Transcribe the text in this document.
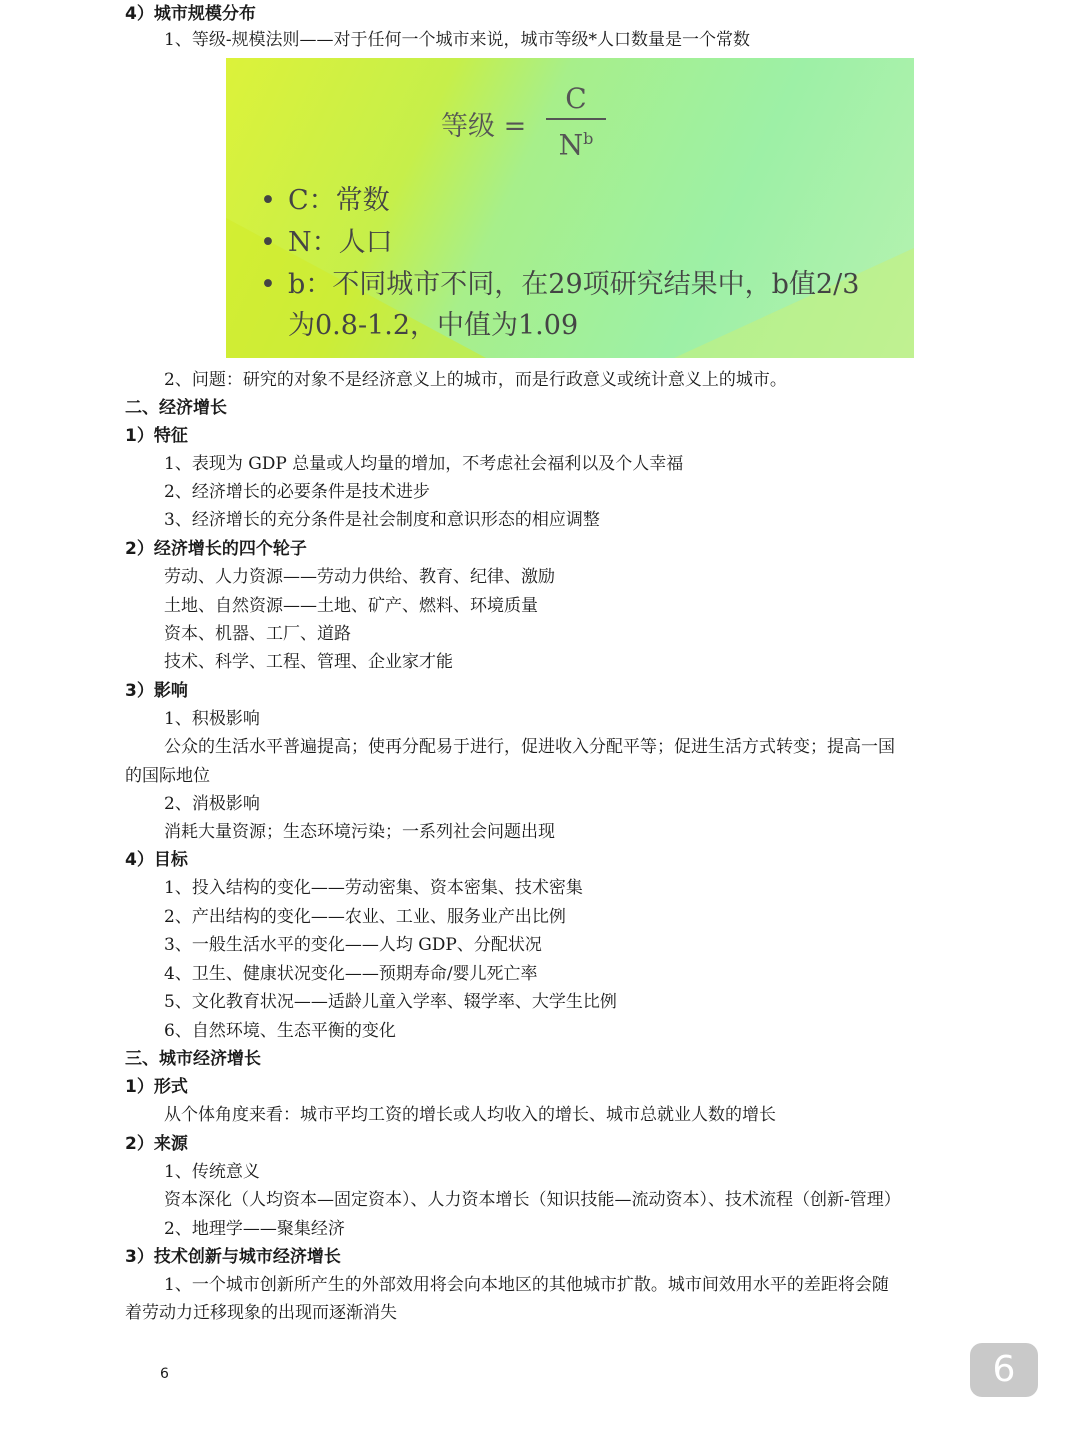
4）城市规模分布
1、等级-规模法则——对于任何一个城市来说，城市等级*人口数量是一个常数
等级 =
C
$N^b$
• C：常数
• N：人口
• b：不同城市不同，在29项研究结果中，b值2/3
为0.8-1.2，中值为1.09
2、问题：研究的对象不是经济意义上的城市，而是行政意义或统计意义上的城市。
二、经济增长
1）特征
1、表现为 GDP 总量或人均量的增加，不考虑社会福利以及个人幸福
2、经济增长的必要条件是技术进步
3、经济增长的充分条件是社会制度和意识形态的相应调整
2）经济增长的四个轮子
劳动、人力资源——劳动力供给、教育、纪律、激励
土地、自然资源——土地、矿产、燃料、环境质量
资本、机器、工厂、道路
技术、科学、工程、管理、企业家才能
3）影响
1、积极影响
公众的生活水平普遍提高；使再分配易于进行，促进收入分配平等；促进生活方式转变；提高一国
的国际地位
2、消极影响
消耗大量资源；生态环境污染；一系列社会问题出现
4）目标
1、投入结构的变化——劳动密集、资本密集、技术密集
2、产出结构的变化——农业、工业、服务业产出比例
3、一般生活水平的变化——人均 GDP、分配状况
4、卫生、健康状况变化——预期寿命/婴儿死亡率
5、文化教育状况——适龄儿童入学率、辍学率、大学生比例
6、自然环境、生态平衡的变化
三、城市经济增长
1）形式
从个体角度来看：城市平均工资的增长或人均收入的增长、城市总就业人数的增长
2）来源
1、传统意义
资本深化（人均资本—固定资本）、人力资本增长（知识技能—流动资本）、技术流程（创新-管理）
2、地理学——聚集经济
3）技术创新与城市经济增长
1、一个城市创新所产生的外部效用将会向本地区的其他城市扩散。城市间效用水平的差距将会随
着劳动力迁移现象的出现而逐渐消失
6	6
